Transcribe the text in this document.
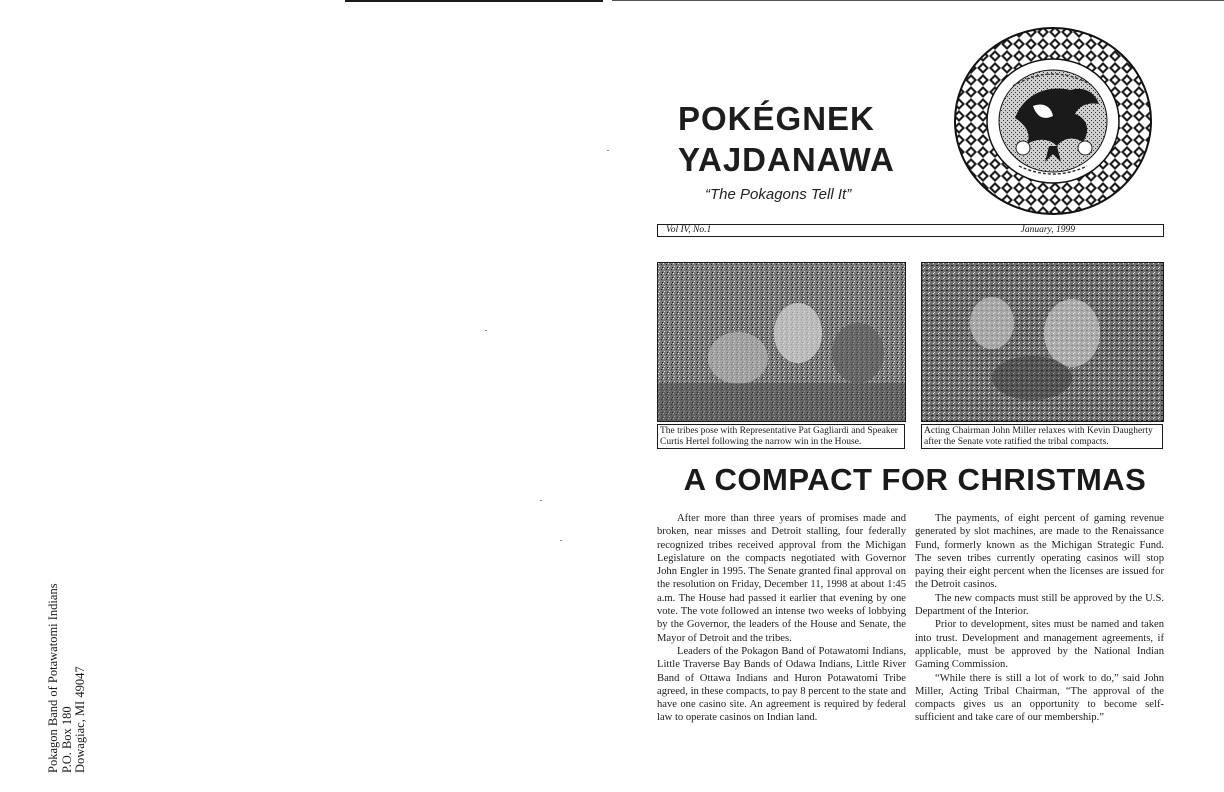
Pokagon Band of Potawatomi Indians P.O. Box 180 Dowagiac, MI 49047
POKÉGNEK
YAJDANAWA
“The Pokagons Tell It”
Vol IV, No.1	January, 1999
The tribes pose with Representative Pat Gagliardi and Speaker Curtis Hertel following the narrow win in the House.
Acting Chairman John Miller relaxes with Kevin Daugherty after the Senate vote ratified the tribal compacts.
A COMPACT FOR CHRISTMAS

After more than three years of promises made and broken, near misses and Detroit stalling, four federally recognized tribes received approval from the Michigan Legislature on the compacts negotiated with Governor John Engler in 1995. The Senate granted final approval on the resolution on Friday, December 11, 1998 at about 1:45 a.m. The House had passed it earlier that evening by one vote. The vote followed an intense two weeks of lobbying by the Governor, the leaders of the House and Senate, the Mayor of Detroit and the tribes.

Leaders of the Pokagon Band of Potawatomi Indians, Little Traverse Bay Bands of Odawa Indians, Little River Band of Ottawa Indians and Huron Potawatomi Tribe agreed, in these compacts, to pay 8 percent to the state and have one casino site. An agreement is required by federal law to operate casinos on Indian land.

The payments, of eight percent of gaming revenue generated by slot machines, are made to the Renaissance Fund, formerly known as the Michigan Strategic Fund. The seven tribes currently operating casinos will stop paying their eight percent when the licenses are issued for the Detroit casinos.

The new compacts must still be approved by the U.S. Department of the Interior.

Prior to development, sites must be named and taken into trust. Development and management agreements, if applicable, must be approved by the National Indian Gaming Commission.

“While there is still a lot of work to do,” said John Miller, Acting Tribal Chairman, “The approval of the compacts gives us an opportunity to become self-sufficient and take care of our membership.”
